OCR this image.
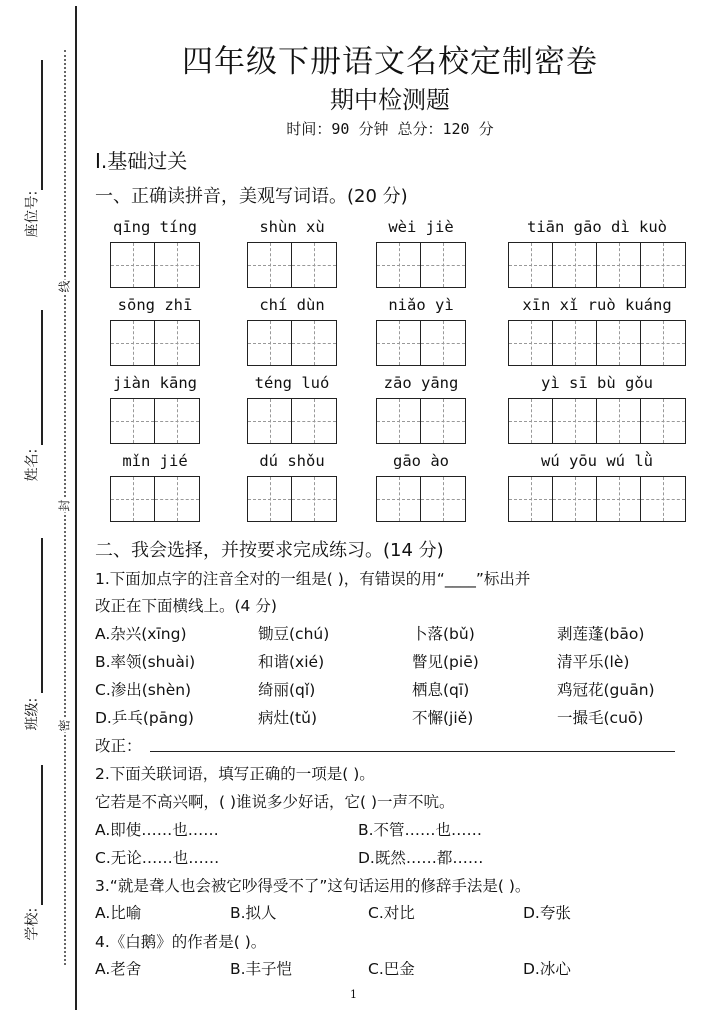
座位号:
姓名:
班级:
学校:
线
封
密
四年级下册语文名校定制密卷
期中检测题
时间：90 分钟 总分：120 分
Ⅰ.基础过关
一、正确读拼音，美观写词语。(20 分)
qīng tíng	shùn xù	wèi jiè	tiān gāo dì kuò
sōng zhī	chí dùn	niǎo yì	xīn xǐ ruò kuáng
jiàn kāng	téng luó	zāo yāng	yì sī bù gǒu
mǐn jié	dú shǒu	gāo ào	wú yōu wú lǜ
二、我会选择，并按要求完成练习。(14 分)
1.下面加点字的注音全对的一组是( )，有错误的用“____”标出并
改正在下面横线上。(4 分)
A.杂兴(xīng)	锄豆(chú)	卜落(bǔ)	剥莲蓬(bāo)
B.率领(shuài)	和谐(xié)	瞥见(piē)	清平乐(lè)
C.渗出(shèn)	绮丽(qǐ)	栖息(qī)	鸡冠花(guān)
D.乒乓(pāng)	病灶(tǔ)	不懈(jiě)	一撮毛(cuō)
改正：
2.下面关联词语，填写正确的一项是( )。
它若是不高兴啊，( )谁说多少好话，它( )一声不吭。
A.即使……也……	B.不管……也……
C.无论……也……	D.既然……都……
3.“就是聋人也会被它吵得受不了”这句话运用的修辞手法是( )。
A.比喻	B.拟人	C.对比	D.夸张
4.《白鹅》的作者是( )。
A.老舍	B.丰子恺	C.巴金	D.冰心
1
